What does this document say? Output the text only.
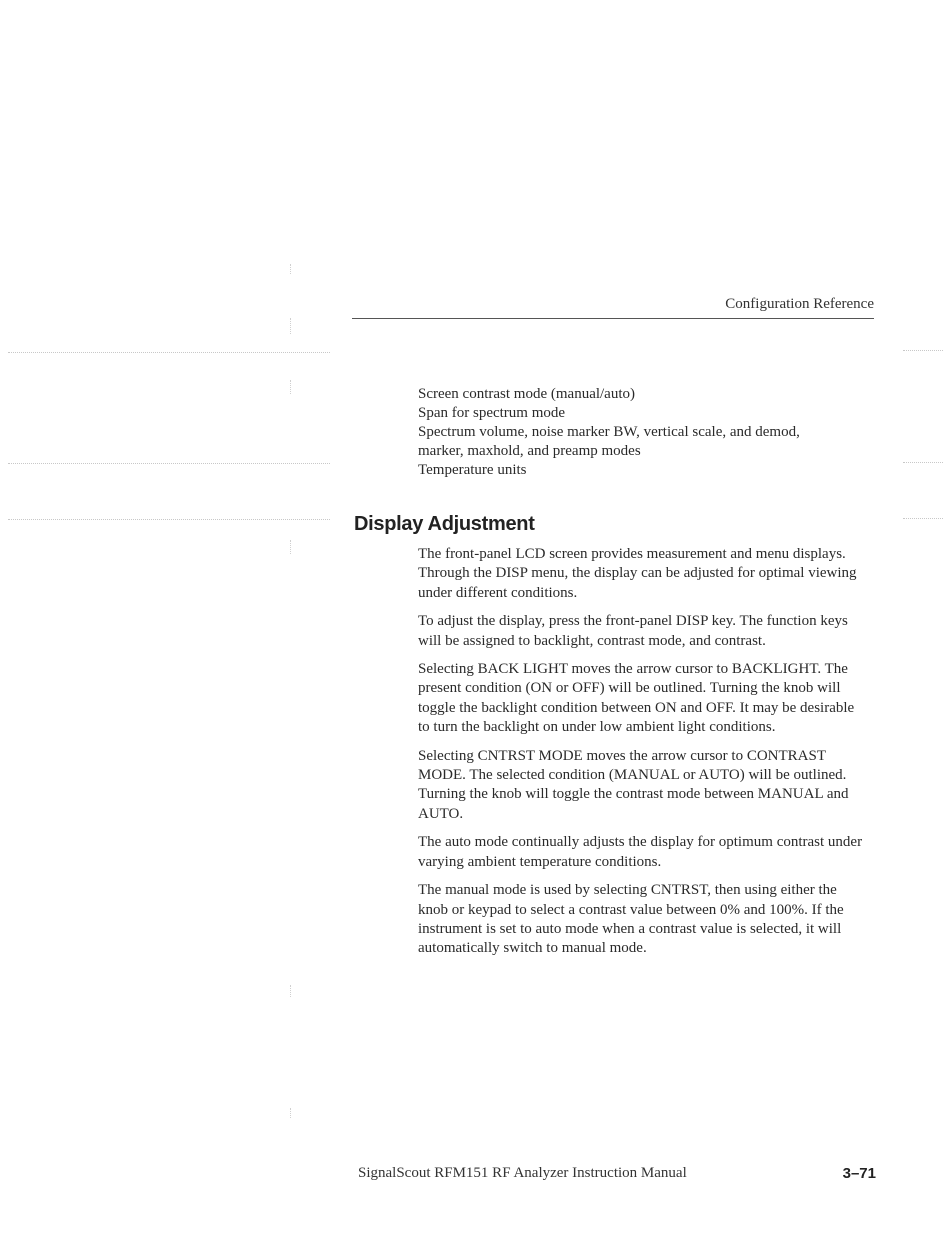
Configuration Reference
Screen contrast mode (manual/auto)
Span for spectrum mode
Spectrum volume, noise marker BW, vertical scale, and demod,
marker, maxhold, and preamp modes
Temperature units
Display Adjustment

The front-panel LCD screen provides measurement and menu displays. Through the DISP menu, the display can be adjusted for optimal viewing under different conditions.

To adjust the display, press the front-panel DISP key. The function keys will be assigned to backlight, contrast mode, and contrast.

Selecting BACK LIGHT moves the arrow cursor to BACKLIGHT. The present condition (ON or OFF) will be outlined. Turning the knob will toggle the backlight condition between ON and OFF. It may be desirable to turn the backlight on under low ambient light conditions.

Selecting CNTRST MODE moves the arrow cursor to CONTRAST MODE. The selected condition (MANUAL or AUTO) will be outlined. Turning the knob will toggle the contrast mode between MANUAL and AUTO.

The auto mode continually adjusts the display for optimum contrast under varying ambient temperature conditions.

The manual mode is used by selecting CNTRST, then using either the knob or keypad to select a contrast value between 0% and 100%. If the instrument is set to auto mode when a contrast value is selected, it will automatically switch to manual mode.

SignalScout RFM151 RF Analyzer Instruction Manual	3–71
